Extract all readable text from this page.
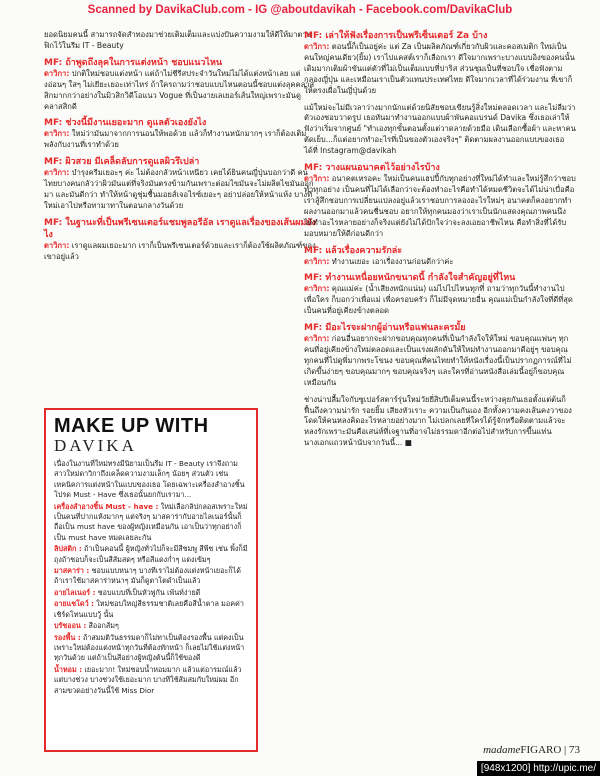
Scanned by DavikaClub.com - IG @aboutdavikah - Facebook.com/DavikaClub

ยอดนิยมคนนี้ สามารถจัดสำทองมาช่วยเติมเต็มและแบ่งปันความงามให้ดีให้มาตาม ฟิกไว้ในรีม IT - Beauty

MF: ถ้าพูดถึงลุคในการแต่งหน้า ชอบแนวไหน

ดาวิกา: ปกติใหม่ชอบแต่งหน้า แต่ถ้าไม่ชีรีสประจำวันใหม่ไม่ได้แต่งหน้าเลย แต่งอ่อนๆ ใสๆ ไม่เยียะเยอะเท่าไหร่ ถ้าใครถามว่าชอบแบบไหนตอนนี้ชอบแต่งลุคคลาสสิกมากกว่าอย่างในมิวสิกวิดีโอแนว Vogue ที่เป็นงายเลเยอร์เส้นใหญ่เพราะมันดูคลาสสิกดี

MF: ช่วงนี้มีงานเยอะมาก ดูแลตัวเองยังไง

ดาวิกา: ใหม่ว่ามันมาจากการนอนให้พอด้วย แล้วก็ทำงานหนักมากๆ เราก็ต้องเติมพลังกับงานที่เราทำด้วย

MF: ผิวสวย มีเคล็ดลับการดูแลผิวรึเปล่า

ดาวิกา: บำรุงครีมเยอะๆ ค่ะ ไม่ต้องกลัวหน้าเหนียว เคยได้ยินคนญี่ปุ่นบอกว่าดี คนไทยบางคนกลัวว่าผิวมันแต่ที่จริงมันตรงข้ามกันเพราะต่อมไขมันจะไม่ผลิตไขมันออกมา และมันดีกว่า ทำให้หน้าดูชุ่มชื้นมอยส์เจอไรซ์เยอะๆ อย่าปล่อยให้หน้าแห้ง บางทีใหม่เอาไปหรือทามาทาในตอนกลางวันด้วย

MF: ในฐานะที่เป็นพรีเซนเตอร์แชมพูลอรีอัล เราดูแลเรื่องของเส้นผมยังไง

ดาวิกา: เราดูแลผมเยอะมาก เราก็เป็นพรีเซนเตอร์ด้วยและเราก็ต้องใช้ผลิตภัณฑ์ของเขาอยู่แล้ว

MAKE UP WITH
DAVIKA

เนื่องในงานที่ใหม่ทรงมีนิยามเป็นรีม IT - Beauty เราจึงถามสาวใหม่ดาวิกาถึงเคล็ดความงามเล็กๆ น้อยๆ ส่วนตัว เช่น เทคนิคการแต่งหน้าในแบบของเธอ โดยเฉพาะเครื่องสำอางชิ้นโปรด Must - Have ซึ่งเธอนั้นยกกับเรามา...

เครื่องสำอางชิ้น Must - have : ใหม่เลือกลิปกลอสเพราะใหม่เป็นคนที่ปากแห้งมากๆ แต่จริงๆ มาสคาร่ากับอายไลเนอร์นั้นก็ถือเป็น must have ของผู้หญิงเหมือนกัน เอาเป็นว่าทุกอย่างก็เป็น must have หมดเลยละกัน

ลิปสติก : ถ้าเป็นคอนนี้ ผู้หญิงทั่วไปก็จะมีสีชมพู สีพีช เช่น พิ้งก็มีถุงถ้าชอบก็จะเป็นสีส้มสดๆ หรือสีแดงก่ำๆ แดงเข้มๆ

มาสคาร่า : ชอบแบบหนาๆ บางทีเราไม่ต้องแต่งหน้าเยอะก็ได้ถ้าเราใช้มาสคาร่าหนาๆ มันก็ดูตาโตดำเป็นแล้ว

อายไลเนอร์ : ชอบแบบที่เป็นหัวพู่กัน เพ้นท์ง่ายดี

อายแชโดว์ : ใหม่ชอบใหญ่สีธรรมชาติเลยคือสีน้ำตาล มอคค่า เชิร์ดโทนแบบวู้ นั้น

บรัชออน : สีออกส้มๆ

รองพื้น : ถ้าสมมติวันธรรมดาก็ไม่ทาเป็นต้องรองพื้น แต่คงเป็นเพราะใหม่ต้องแต่งหน้าทุกวันที่ต้องทักหน้า ก็เลยไม่ใช้เเต่งหน้าทุกวันด้วย แต่ถ้าเป็นสีอย่างผู้หญิงต้นนี้ก็ใช้ของดี

น้ำหอม : เยอะมาก! ใหม่ชอบน้ำหอมมาก แล้วแต่อารมณ์แล้วแต่บางช่วง บางช่วงใช้เยอะมาก บางทีใช้ส้มสมกับใหม่ผม อีกสามขวดอย่างวันนี้ใช้ Miss Dior

MF: เล่าให้ฟังเรื่องการเป็นพรีเซ็นเตอร์ Za บ้าง

ดาวิกา: ตอนนี้ก็เป็นอยู่ค่ะ แต่ Za เป็นผลิตภัณฑ์เกี่ยวกับผิวและคอสเมติก ใหม่เป็นคนใหญ่คนเดียว(ยิ้ม) เราไปแคสต์เราก็เลือกเรา ดีใจมากเพราะบางแบบอิงของคนนั้นเดิมมากเติมผ้าขันแต่ตัวที่ไม่เป็นเต็มแบบที่ปาริส ส่วนชุมเป็นที่ชอบใจ เชื่อฟังตามกลองญี่ปุ่น และเหมือนเราเป็นตัวแทนประเทศไทย ดีใจมากเวลาที่ได้ร่วมงาน ที่เขาก็ให้ตรงเผื่อในญี่ปุ่นด้วย

แม้ใหม่จะไม่มีเวลาว่างมากนักแต่ด้วยนิสัยชอบเขียนรู้สิ่งใหม่ตลอดเวลา และไม่ลืมว่าตัวเองชอบวาดรูป เธอหันมาทำงานออกแบบผ้าพันคอแบรนด์ Davika ซึ่งเธอเล่าให้ฟังว่าเริ่มจากศูนย์ "ทำเองทุกขั้นตอนตั้งแต่วาดลายด้วยมือ เดินเลือกซื้อผ้า และหาคนตัดเย็บ...ก็แต่อยากทำอะไรที่เป็นของตัวเองจริงๆ" ติดตามผลงานออกแบบของเธอได้ที่ Instagram@davikah

MF: วางแผนอนาคตไว้อย่างไรบ้าง

ดาวิกา: อนาคตเหรอคะ ใหม่เป็นคนแฮปปี้กับทุกอย่างที่ใหม่ได้ทำและใหม่รู้สึกว่าชอบทำทุกอย่าง เป็นคนที่ไม่ได้เลือกว่าจะต้องทำอะไรคือทำได้หมดชีวิตจะได้ไม่น่าเบื่อคือเราสู้สึกชอบการเปลี่ยนแปลงอยู่แล้วเราชอบการลองอะไรใหม่ๆ อนาคตก็คงอยากทำผลงานออกมาแล้วคนชื่นชอบ อยากให้ทุกคนมองว่าเราเป็นนักแสดงคุณภาพคนนึง ได้ทำอะไรหลายอย่างก็จริงแต่ยังไม่ได้ปักใจว่าจะลงเอยอาชีพไหน คือทำสิ่งที่ได้รับมอบหมายให้ดีก่อนดีกว่า

MF: แล้วเรื่องความรักล่ะ

ดาวิกา: ทำงานเยอะ เอาเรื่องงานก่อนดีกว่าค่ะ

MF: ทำงานเหนื่อยหนักขนาดนี้ กำลังใจสำคัญอยู่ที่ไหน

ดาวิกา: คุณแม่ค่ะ (น้ำเสียงหนักแน่น) แม่ไปไปไหนทุกที่ ถามว่าทุกวันนี้ทำงานไปเพื่อใคร ก็บอกว่าเพื่อแม่ เพื่อครอบครัว ก็ไม่มีจุดหมายอื่น คุณแม่เป็นกำลังใจที่ดีที่สุด เป็นคนที่อยู่เคียงข้างตลอด

MF: มีอะไรจะฝากผู้อ่านหรือแฟนละครมั้ย

ดาวิกา: ก่อนอื่นอยากจะฝากขอบคุณทุกคนที่เป็นกำลังใจให้ใหม่ ขอบคุณแฟนๆ ทุกคนที่อยู่เคียงข้างใหม่ตลอดและเป็นแรงผลักดันให้ใหม่ทำงานออกมาดีอยู่ๆ ขอบคุณทุกคนที่ไปดูพี่มากพระโขนง ขอบคุณที่คนไทยทำให้หนังเรื่องนี้เป็นปรากฏการณ์ที่ไม่เกิดขึ้นง่ายๆ ขอบคุณมากๆ ขอบคุณจริงๆ และใครที่อ่านหนังสือเล่มนี้อยู่ก็ขอบคุณเหมือนกัน

ช่างน่าปลื้มใจกับซูเปอร์สตาร์รุ่นใหม่วัยยี่สิบปีเต็มคนนี้ระหว่างคุยกันเธอตั้งแต่ต้นก็ฟื้นถึงความน่ารัก รอยยิ้ม เสียงหัวเราะ ความเป็นกันเอง อีกทั้งความคงเส้นคงวาของโดดให้คนหลงคิดอะไรหลายอย่างมาก ไม่เปลกเลยที่ใครได้รู้จักหรือติดตามแล้วจะหลงรักเพราะมันคือเสน่ห์ที่เจฐานที่อาจไม่ธรรมดาอีกต่อไปสำหรับการขึ้นแท่นนางเอกแถวหน้านับจากวันนี้... ■

madameFIGARO | 73
[948x1200] http://upic.me/
